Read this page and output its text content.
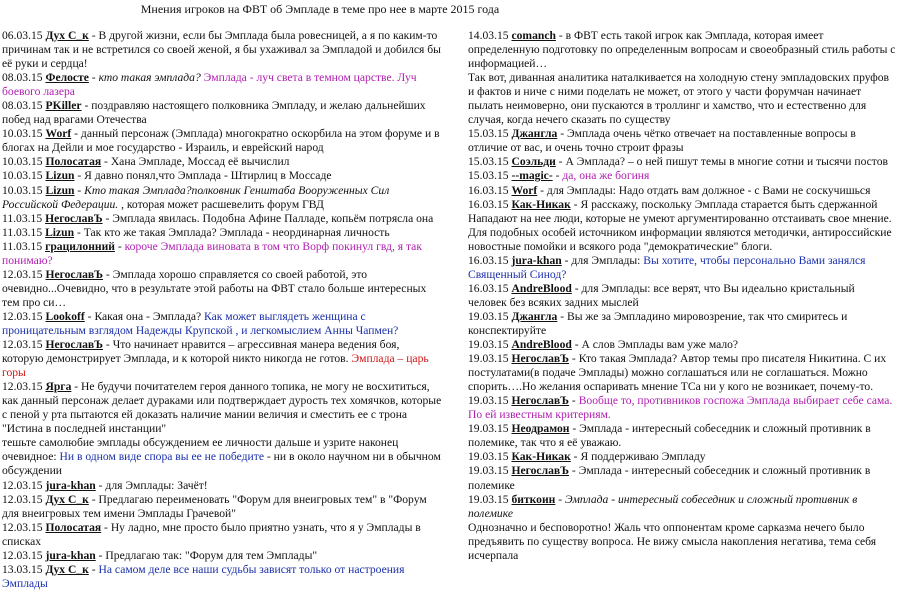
Мнения игроков на ФВТ об Эмпладе в теме про нее в марте 2015 года
06.03.15 Дух С_к - В другой жизни, если бы Эмплада была ровесницей, а я по каким-то причинам так и не встретился со своей женой, я бы ухаживал за Эмпладой и добился бы её руки и сердца!
08.03.15 Фелосте - кто такая эмплада? Эмплада - луч света в темном царстве. Луч боевого лазера
08.03.15 PKiller - поздравляю настоящего полковника Эмпладу, и желаю дальнейших побед над врагами Отечества
10.03.15 Worf - данный персонаж (Эмплада) многократно оскорбила на этом форуме и в блогах на Дейли и мое государство - Израиль, и еврейский народ
10.03.15 Полосатая - Хана Эмпладе, Моссад её вычислил
10.03.15 Lizun - Я давно понял,что Эмплада - Штирлиц в Моссаде
10.03.15 Lizun - Кто такая Эмплада?полковник Генштаба Вооруженных Сил Российской Федерации. , которая может расшевелить форум ГВД
11.03.15 НегославЪ - Эмплада явилась. Подобна Афине Палладе, копьём потрясла она
11.03.15 Lizun - Так кто же такая Эмплада? Эмплада - неординарная личность
11.03.15 грацилонний - короче Эмплада виновата в том что Ворф покинул гвд, я так понимаю?
12.03.15 НегославЪ - Эмплада хорошо справляется со своей работой, это очевидно...Очевидно, что в результате этой работы на ФВТ стало больше интересных тем про си…
12.03.15 Lookoff - Какая она - Эмплада? Как может выглядеть женщина с проницательным взглядом Надежды Крупской , и легкомыслием Анны Чапмен?
12.03.15 НегославЪ - Что начинает нравится – агрессивная манера ведения боя, которую демонстрирует Эмплада, и к которой никто никогда не готов. Эмплада – царь горы
12.03.15 Ярга - Не будучи почитателем героя данного топика, не могу не восхититься, как данный персонаж делает дураками или подтверждает дурость тех хомячков, которые с пеной у рта пытаются ей доказать наличие мании величия и сместить ее с трона "Истина в последней инстанции"
тешьте самолюбие эмплады обсуждением ее личности дальше и узрите наконец очевидное: Ни в одном виде спора вы ее не победите - ни в около научном ни в обычном обсуждении
12.03.15 jura-khan - для Эмплады: Зачёт!
12.03.15 Дух С_к - Предлагаю переименовать "Форум для внеигровых тем" в "Форум для внеигровых тем имени Эмплады Грачевой"
12.03.15 Полосатая - Ну ладно, мне просто было приятно узнать, что я у Эмплады в списках
12.03.15 jura-khan - Предлагаю так: "Форум для тем Эмплады"
13.03.15 Дух С_к - На самом деле все наши судьбы зависят только от настроения Эмплады
14.03.15 comanch - в ФВТ есть такой игрок как Эмплада, которая имеет определенную подготовку по определенным вопросам и своеобразный стиль работы с информацией…
Так вот, диванная аналитика наталкивается на холодную стену эмпладовских пруфов и фактов и ниче с ними поделать не может, от этого у части форумчан начинает пылать неимоверно, они пускаются в троллинг и хамство, что и естественно для случая, когда нечего сказать по существу
15.03.15 Джангла - Эмплада очень чётко отвечает на поставленные вопросы в отличие от вас, и очень точно строит фразы
15.03.15 Соэльди - А Эмплада? – о ней пишут темы в многие сотни и тысячи постов
15.03.15 --magic- - да, она же богиня
16.03.15 Worf - для Эмплады: Надо отдать вам должное - с Вами не соскучишься
16.03.15 Как-Никак - Я расскажу, поскольку Эмплада старается быть сдержанной Нападают на нее люди, которые не умеют аргументированно отстаивать свое мнение. Для подобных особей источником информации являются методички, антироссийские новостные помойки и всякого рода "демократические" блоги.
16.03.15 jura-khan - для Эмплады: Вы хотите, чтобы персонально Вами занялся Священный Синод?
16.03.15 AndreBlood - для Эмплады: все верят, что Вы идеально кристальный человек без всяких задних мыслей
19.03.15 Джангла - Вы же за Эмпладино мировозрение, так что смиритесь и конспектируйте
19.03.15 AndreBlood - А слов Эмплады вам уже мало?
19.03.15 НегославЪ - Кто такая Эмплада? Автор темы про писателя Никитина. С их постулатами(в подаче Эмплады) можно соглашаться или не соглашаться. Можно спорить….Но желания оспаривать мнение ТСа ни у кого не возникает, почему-то.
19.03.15 НегославЪ - Вообще то, противников госпожа Эмплада выбирает себе сама. По ей известным критериям.
19.03.15 Неодрамон - Эмплада - интересный собеседник и сложный противник в полемике, так что я её уважаю.
19.03.15 Как-Никак - Я поддерживаю Эмпладу
19.03.15 НегославЪ - Эмплада - интересный собеседник и сложный противник в полемике
19.03.15 биткоин - Эмплада - интересный собеседник и сложный противник в полемике
Однозначно и бесповоротно! Жаль что оппонентам кроме сарказма нечего было предъявить по существу вопроса. Не вижу смысла накопления негатива, тема себя исчерпала
